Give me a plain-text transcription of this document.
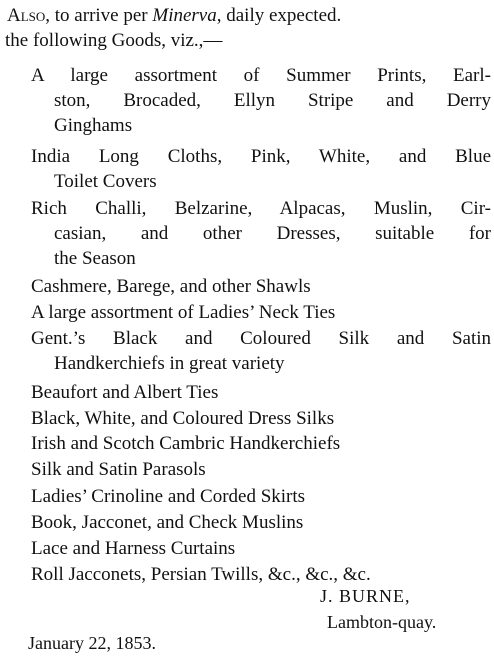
Also, to arrive per Minerva, daily expected.
the following Goods, viz.,—
A large assortment of Summer Prints, Earl-
ston, Brocaded, Ellyn Stripe and Derry
Ginghams
India Long Cloths, Pink, White, and Blue
Toilet Covers
Rich Challi, Belzarine, Alpacas, Muslin, Cir-
casian, and other Dresses, suitable for
the Season
Cashmere, Barege, and other Shawls
A large assortment of Ladies’ Neck Ties
Gent.’s Black and Coloured Silk and Satin
Handkerchiefs in great variety
Beaufort and Albert Ties
Black, White, and Coloured Dress Silks
Irish and Scotch Cambric Handkerchiefs
Silk and Satin Parasols
Ladies’ Crinoline and Corded Skirts
Book, Jacconet, and Check Muslins
Lace and Harness Curtains
Roll Jacconets, Persian Twills, &c., &c., &c.
J. BURNE,
Lambton-quay.
January 22, 1853.
